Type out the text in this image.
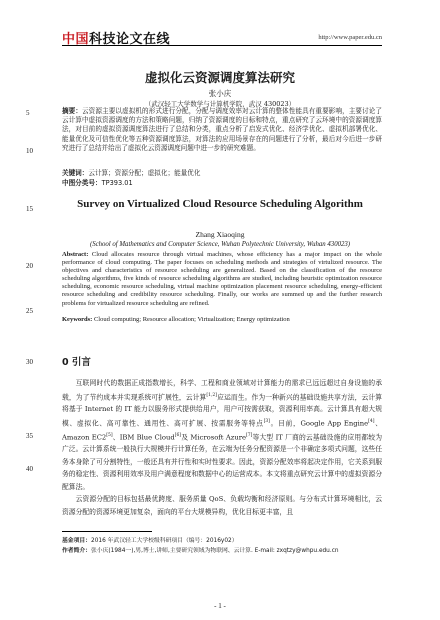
中国科技论文在线	http://www.paper.edu.cn
5
10
15
20
25
30
35
40
虚拟化云资源调度算法研究
张小庆
（武汉轻工大学数学与计算机学院，武汉 430023）
摘要：云资源主要以虚拟机的形式进行分配，分配与调度效率对云计算的整体性能具有重要影响，主要讨论了云计算中虚拟资源调度的方法和策略问题，归纳了资源调度的目标和特点，重点研究了云环境中的资源调度算法，对目前的虚拟资源调度算法进行了总结和分类，重点分析了启发式优化、经济学优化、虚拟机部署优化、能量优化及可信性优化等五种资源调度算法，对算法的应用场景存在的问题进行了分析，最后对今后进一步研究进行了总结并给出了虚拟化云资源调度问题中进一步的研究难题。
关键词：云计算；资源分配；虚拟化；能量优化
中图分类号：TP393.01
Survey on Virtualized Cloud Resource Scheduling Algorithm
Zhang Xiaoqing
(School of Mathematics and Computer Science, Wuhan Polytechnic University, Wuhan 430023)
Abstract: Cloud allocates resource through virtual machines, whose efficiency has a major impact on the whole performance of cloud computing. The paper focuses on scheduling methods and strategies of virtulized resource. The objectives and characteristics of resource scheduling are generalized. Based on the classification of the resource scheduling algorithms, five kinds of resource scheduling algorithms are studied, including heuristic optimization resource scheduling, economic resource scheduling, virtual machine optimization placement resource scheduling, energy-efficient resource scheduling and credibility resource scheduling. Finally, our works are summed up and the further research problems for virtualized resource scheduling are refined.
Keywords: Cloud computing; Resource allocation; Virtualization; Energy optimization
0 引言

互联网时代的数据正成指数增长，科学、工程和商业领域对计算能力的需求已远远超过自身设施的承载，为了节约成本并实现系统可扩展性，云计算[1,2]应运而生。作为一种新兴的基础设施共享方法，云计算将基于 Internet 的 IT 能力以服务形式提供给用户，用户可按需获取，资源利用率高。云计算具有超大规模、虚拟化、高可靠性、通用性、高可扩展、按需服务等特点[3]。目前，Google App Engine[4]、Amazon EC2[5]、IBM Blue Cloud[6]及 Microsoft Azure[7]等大型 IT 厂商的云基础设施的应用都较为广泛。云计算系统一般执行大规模并行计算任务，在云端为任务分配资源是一个非确定多项式问题，这些任务本身除了可分割特性，一般还具有并行性和实时性要求。因此，资源分配效率将起决定作用，它关系到服务的稳定性、资源利用效率及用户满意程度和数据中心的运营成本。本文将重点研究云计算中的虚拟资源分配算法。

云资源分配的目标包括最优跨度、服务质量 QoS、负载均衡和经济原则。与分布式计算环境相比，云资源分配的资源环境更加复杂，面向的平台大规模异构，优化目标更丰富，且

基金项目：2016 年武汉轻工大学校级科研项目（编号：2016y02）
作者简介：张小庆(1984一),男,博士,讲师,主要研究领域为物联网、云计算. E-mail: zxqtzy@whpu.edu.cn
- 1 -
